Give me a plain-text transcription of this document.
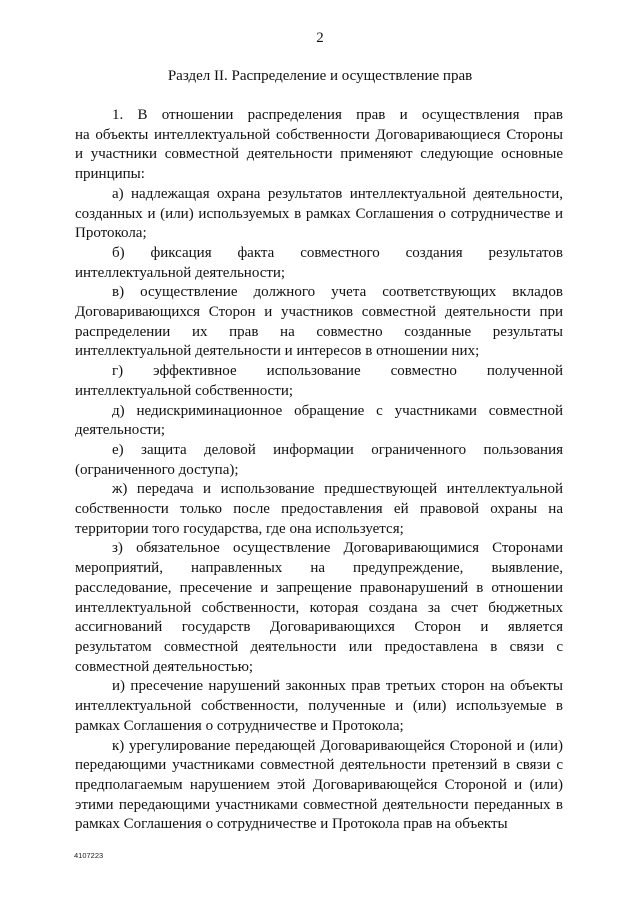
2
Раздел II. Распределение и осуществление прав

1. В отношении распределения прав и осуществления прав
на объекты интеллектуальной собственности Договаривающиеся Стороны и участники совместной деятельности применяют следующие основные принципы:

а) надлежащая охрана результатов интеллектуальной деятельности,
созданных и (или) используемых в рамках Соглашения о сотрудничестве и Протокола;

б) фиксация факта совместного создания результатов
интеллектуальной деятельности;

в) осуществление должного учета соответствующих вкладов
Договаривающихся Сторон и участников совместной деятельности при распределении их прав на совместно созданные результаты интеллектуальной деятельности и интересов в отношении них;

г) эффективное использование совместно полученной
интеллектуальной собственности;

д) недискриминационное обращение с участниками совместной
деятельности;

е) защита деловой информации ограниченного пользования
(ограниченного доступа);

ж) передача и использование предшествующей интеллектуальной
собственности только после предоставления ей правовой охраны на территории того государства, где она используется;

з) обязательное осуществление Договаривающимися Сторонами
мероприятий, направленных на предупреждение, выявление, расследование, пресечение и запрещение правонарушений в отношении интеллектуальной собственности, которая создана за счет бюджетных ассигнований государств Договаривающихся Сторон и является результатом совместной деятельности или предоставлена в связи с совместной деятельностью;

и) пресечение нарушений законных прав третьих сторон на объекты
интеллектуальной собственности, полученные и (или) используемые в рамках Соглашения о сотрудничестве и Протокола;

к) урегулирование передающей Договаривающейся Стороной и (или)
передающими участниками совместной деятельности претензий в связи с предполагаемым нарушением этой Договаривающейся Стороной и (или) этими передающими участниками совместной деятельности переданных в рамках Соглашения о сотрудничестве и Протокола прав на объекты

4107223
